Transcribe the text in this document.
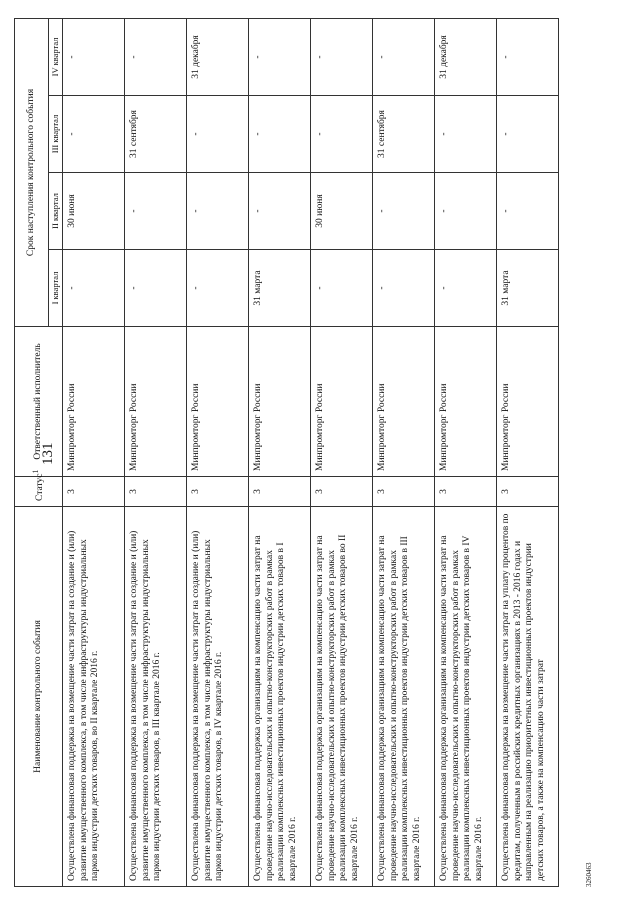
131
Наименование контрольного события	Статус$^1$	Ответственный исполнитель	Срок наступления контрольного события			
			I квартал	II квартал	III квартал	IV квартал
Осуществлена финансовая поддержка на возмещение части затрат на создание и (или) развитие имущественного комплекса, в том числе инфраструктуры индустриальных парков индустрии детских товаров, во II квартале 2016 г.	3	Минпромторг России	-	30 июня	-	-
Осуществлена финансовая поддержка на возмещение части затрат на создание и (или) развитие имущественного комплекса, в том числе инфраструктуры индустриальных парков индустрии детских товаров, в III квартале 2016 г.	3	Минпромторг России	-	-	31 сентября	-
Осуществлена финансовая поддержка на возмещение части затрат на создание и (или) развитие имущественного комплекса, в том числе инфраструктуры индустриальных парков индустрии детских товаров, в IV квартале 2016 г.	3	Минпромторг России	-	-	-	31 декабря
Осуществлена финансовая поддержка организациям на компенсацию части затрат на проведение научно-исследовательских и опытно-конструкторских работ в рамках реализации комплексных инвестиционных проектов индустрии детских товаров в I квартале 2016 г.	3	Минпромторг России	31 марта	-	-	-
Осуществлена финансовая поддержка организациям на компенсацию части затрат на проведение научно-исследовательских и опытно-конструкторских работ в рамках реализации комплексных инвестиционных проектов индустрии детских товаров во II квартале 2016 г.	3	Минпромторг России	-	30 июня	-	-
Осуществлена финансовая поддержка организациям на компенсацию части затрат на проведение научно-исследовательских и опытно-конструкторских работ в рамках реализации комплексных инвестиционных проектов индустрии детских товаров в III квартале 2016 г.	3	Минпромторг России	-	-	31 сентября	-
Осуществлена финансовая поддержка организациям на компенсацию части затрат на проведение научно-исследовательских и опытно-конструкторских работ в рамках реализации комплексных инвестиционных проектов индустрии детских товаров в IV квартале 2016 г.	3	Минпромторг России	-	-	-	31 декабря
Осуществлена финансовая поддержка на возмещение части затрат на уплату процентов по кредитам, полученным в российских кредитных организациях в 2013 - 2016 годах и направленным на реализацию приоритетных инвестиционных проектов индустрии детских товаров, а также на компенсацию части затрат	3	Минпромторг России	31 марта	-	-	-
3260463
